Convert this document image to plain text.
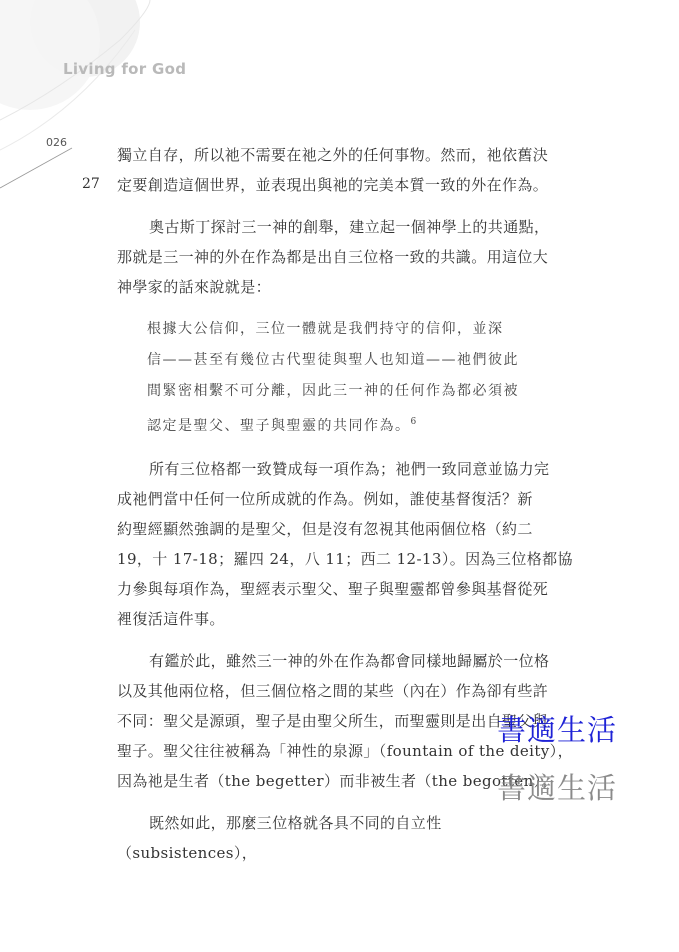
Living for God
026
27

獨立自存，所以祂不需要在祂之外的任何事物。然而，祂依舊決
定要創造這個世界，並表現出與祂的完美本質一致的外在作為。

奧古斯丁探討三一神的創舉，建立起一個神學上的共通點，
那就是三一神的外在作為都是出自三位格一致的共識。用這位大
神學家的話來說就是：

根據大公信仰，三位一體就是我們持守的信仰，並深
信——甚至有幾位古代聖徒與聖人也知道——祂們彼此
間緊密相繫不可分離，因此三一神的任何作為都必須被
認定是聖父、聖子與聖靈的共同作為。$^6$

所有三位格都一致贊成每一項作為；祂們一致同意並協力完
成祂們當中任何一位所成就的作為。例如，誰使基督復活？新
約聖經顯然強調的是聖父，但是沒有忽視其他兩個位格（約二
19，十 17-18；羅四 24，八 11；西二 12-13）。因為三位格都協
力參與每項作為，聖經表示聖父、聖子與聖靈都曾參與基督從死
裡復活這件事。

有鑑於此，雖然三一神的外在作為都會同樣地歸屬於一位格
以及其他兩位格，但三個位格之間的某些（內在）作為卻有些許
不同：聖父是源頭，聖子是由聖父所生，而聖靈則是出自聖父與
聖子。聖父往往被稱為「神性的泉源」（fountain of the deity），
因為祂是生者（the begetter）而非被生者（the begotten）。

既然如此，那麼三位格就各具不同的自立性（subsistences），

書適生活
書適生活
